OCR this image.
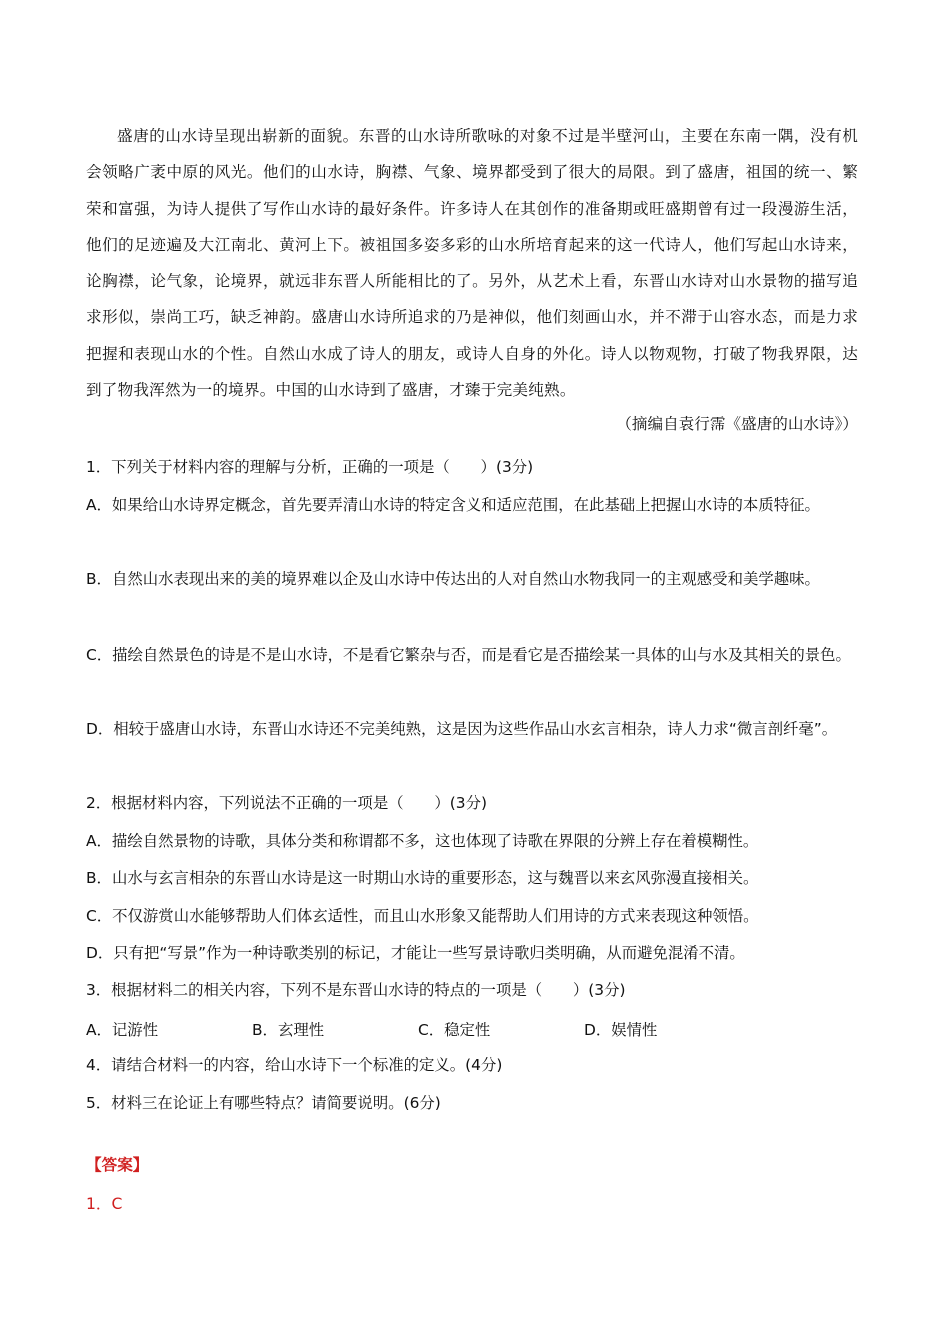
盛唐的山水诗呈现出崭新的面貌。东晋的山水诗所歌咏的对象不过是半壁河山，主要在东南一隅，没有机会领略广袤中原的风光。他们的山水诗，胸襟、气象、境界都受到了很大的局限。到了盛唐，祖国的统一、繁荣和富强，为诗人提供了写作山水诗的最好条件。许多诗人在其创作的准备期或旺盛期曾有过一段漫游生活，他们的足迹遍及大江南北、黄河上下。被祖国多姿多彩的山水所培育起来的这一代诗人，他们写起山水诗来，论胸襟，论气象，论境界，就远非东晋人所能相比的了。另外，从艺术上看，东晋山水诗对山水景物的描写追求形似，崇尚工巧，缺乏神韵。盛唐山水诗所追求的乃是神似，他们刻画山水，并不滞于山容水态，而是力求把握和表现山水的个性。自然山水成了诗人的朋友，或诗人自身的外化。诗人以物观物，打破了物我界限，达到了物我浑然为一的境界。中国的山水诗到了盛唐，才臻于完美纯熟。
（摘编自袁行霈《盛唐的山水诗》）
1．下列关于材料内容的理解与分析，正确的一项是（　　）(3分)
A．如果给山水诗界定概念，首先要弄清山水诗的特定含义和适应范围，在此基础上把握山水诗的本质特征。
B．自然山水表现出来的美的境界难以企及山水诗中传达出的人对自然山水物我同一的主观感受和美学趣味。
C．描绘自然景色的诗是不是山水诗，不是看它繁杂与否，而是看它是否描绘某一具体的山与水及其相关的景色。
D．相较于盛唐山水诗，东晋山水诗还不完美纯熟，这是因为这些作品山水玄言相杂，诗人力求“微言剖纤毫”。
2．根据材料内容，下列说法不正确的一项是（　　）(3分)
A．描绘自然景物的诗歌，具体分类和称谓都不多，这也体现了诗歌在界限的分辨上存在着模糊性。
B．山水与玄言相杂的东晋山水诗是这一时期山水诗的重要形态，这与魏晋以来玄风弥漫直接相关。
C．不仅游赏山水能够帮助人们体玄适性，而且山水形象又能帮助人们用诗的方式来表现这种领悟。
D．只有把“写景”作为一种诗歌类别的标记，才能让一些写景诗歌归类明确，从而避免混淆不清。
3．根据材料二的相关内容，下列不是东晋山水诗的特点的一项是（　　）(3分)
A．记游性	B．玄理性	C．稳定性	D．娱情性
4．请结合材料一的内容，给山水诗下一个标准的定义。(4分)
5．材料三在论证上有哪些特点？请简要说明。(6分)
【答案】
1．C
